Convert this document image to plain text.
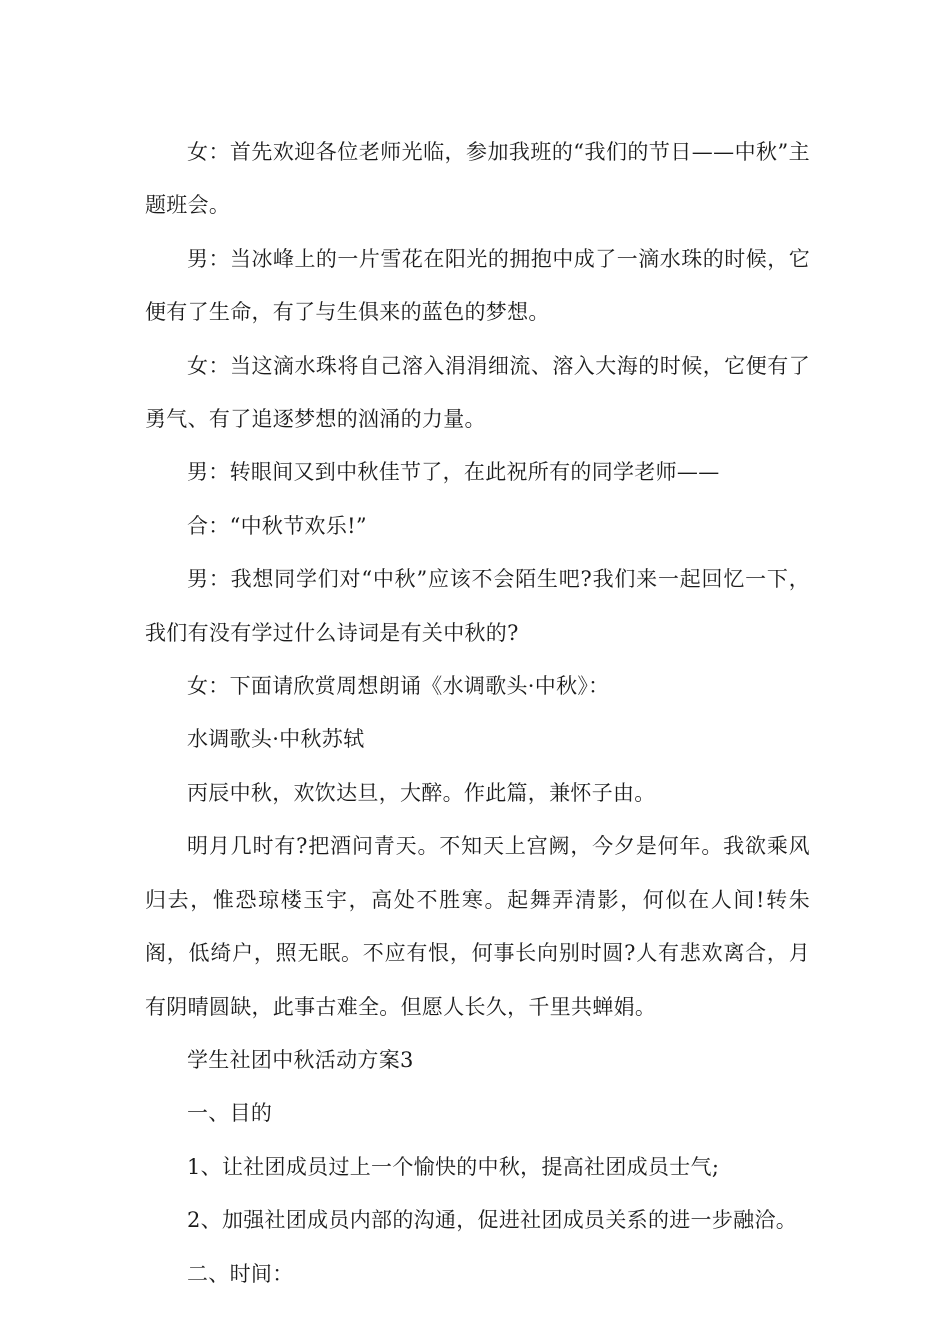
女：首先欢迎各位老师光临，参加我班的“我们的节日——中秋”主题班会。

男：当冰峰上的一片雪花在阳光的拥抱中成了一滴水珠的时候，它便有了生命，有了与生俱来的蓝色的梦想。

女：当这滴水珠将自己溶入涓涓细流、溶入大海的时候，它便有了勇气、有了追逐梦想的汹涌的力量。

男：转眼间又到中秋佳节了，在此祝所有的同学老师——

合：“中秋节欢乐!”

男：我想同学们对“中秋”应该不会陌生吧?我们来一起回忆一下，我们有没有学过什么诗词是有关中秋的?

女：下面请欣赏周想朗诵《水调歌头·中秋》：

水调歌头·中秋苏轼

丙辰中秋，欢饮达旦，大醉。作此篇，兼怀子由。

明月几时有?把酒问青天。不知天上宫阙，今夕是何年。我欲乘风归去，惟恐琼楼玉宇，高处不胜寒。起舞弄清影，何似在人间!转朱阁，低绮户，照无眠。不应有恨，何事长向别时圆?人有悲欢离合，月有阴晴圆缺，此事古难全。但愿人长久，千里共蝉娟。

学生社团中秋活动方案3

一、目的

1、让社团成员过上一个愉快的中秋，提高社团成员士气;

2、加强社团成员内部的沟通，促进社团成员关系的进一步融洽。

二、时间：
